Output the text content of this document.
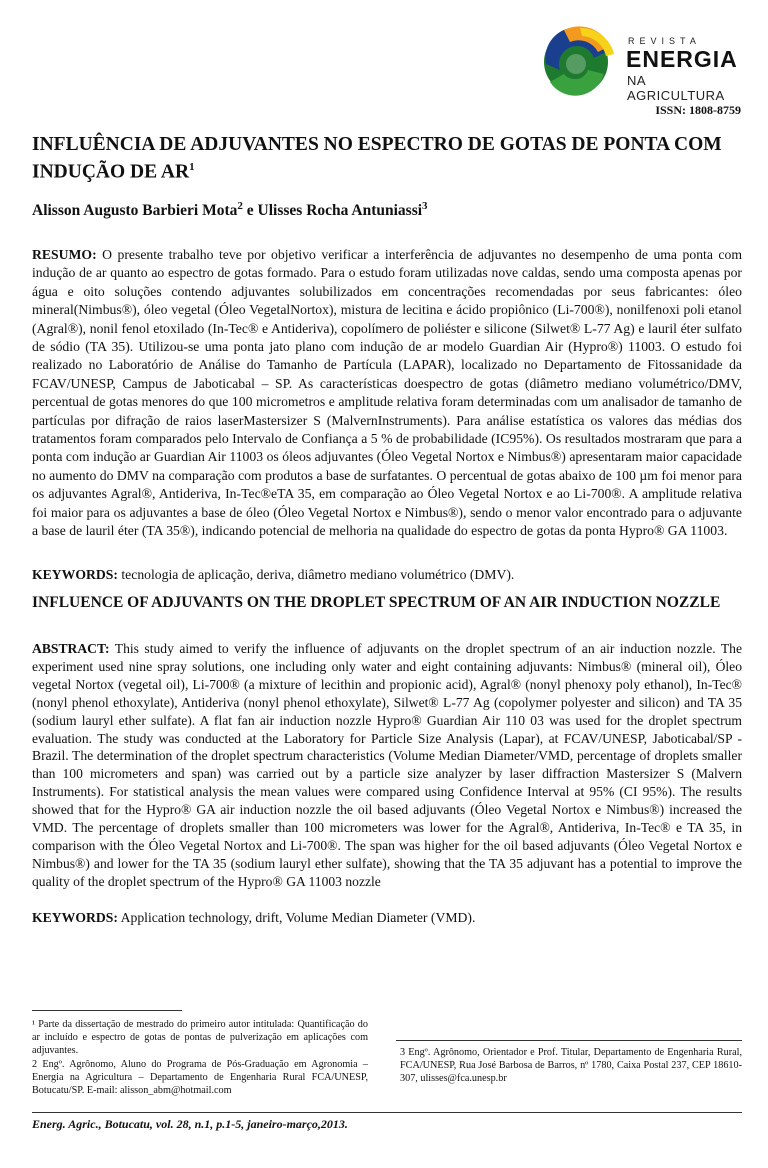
REVISTA
ENERGIA
NA AGRICULTURA
ISSN: 1808-8759
INFLUÊNCIA DE ADJUVANTES NO ESPECTRO DE GOTAS DE PONTA COM INDUÇÃO DE $AR^1$

Alisson Augusto Barbieri Mota$^2$ e Ulisses Rocha Antuniassi$^3$

RESUMO: O presente trabalho teve por objetivo verificar a interferência de adjuvantes no desempenho de uma ponta com indução de ar quanto ao espectro de gotas formado. Para o estudo foram utilizadas nove caldas, sendo uma composta apenas por água e oito soluções contendo adjuvantes solubilizados em concentrações recomendadas por seus fabricantes: óleo mineral(Nimbus®), óleo vegetal (Óleo VegetalNortox), mistura de lecitina e ácido propiônico (Li-700®), nonilfenoxi poli etanol (Agral®), nonil fenol etoxilado (In-Tec® e Antideriva), copolímero de poliéster e silicone (Silwet® L-77 Ag) e lauril éter sulfato de sódio (TA 35). Utilizou-se uma ponta jato plano com indução de ar modelo Guardian Air (Hypro®) 11003. O estudo foi realizado no Laboratório de Análise do Tamanho de Partícula (LAPAR), localizado no Departamento de Fitossanidade da FCAV/UNESP, Campus de Jaboticabal – SP. As características doespectro de gotas (diâmetro mediano volumétrico/DMV, percentual de gotas menores do que 100 micrometros e amplitude relativa foram determinadas com um analisador de tamanho de partículas por difração de raios laserMastersizer S (MalvernInstruments). Para análise estatística os valores das médias dos tratamentos foram comparados pelo Intervalo de Confiança a 5 % de probabilidade (IC95%). Os resultados mostraram que para a ponta com indução ar Guardian Air 11003 os óleos adjuvantes (Óleo Vegetal Nortox e Nimbus®) apresentaram maior capacidade no aumento do DMV na comparação com produtos a base de surfatantes. O percentual de gotas abaixo de 100 µm foi menor para os adjuvantes Agral®, Antideriva, In-Tec®eTA 35, em comparação ao Óleo Vegetal Nortox e ao Li-700®. A amplitude relativa foi maior para os adjuvantes a base de óleo (Óleo Vegetal Nortox e Nimbus®), sendo o menor valor encontrado para o adjuvante a base de lauril éter (TA 35®), indicando potencial de melhoria na qualidade do espectro de gotas da ponta Hypro® GA 11003.

KEYWORDS: tecnologia de aplicação, deriva, diâmetro mediano volumétrico (DMV).

INFLUENCE OF ADJUVANTS ON THE DROPLET SPECTRUM OF AN AIR INDUCTION NOZZLE

ABSTRACT: This study aimed to verify the influence of adjuvants on the droplet spectrum of an air induction nozzle. The experiment used nine spray solutions, one including only water and eight containing adjuvants: Nimbus® (mineral oil), Óleo vegetal Nortox (vegetal oil), Li-700® (a mixture of lecithin and propionic acid), Agral® (nonyl phenoxy poly ethanol), In-Tec® (nonyl phenol ethoxylate), Antideriva (nonyl phenol ethoxylate), Silwet® L-77 Ag (copolymer polyester and silicon) and TA 35 (sodium lauryl ether sulfate). A flat fan air induction nozzle Hypro® Guardian Air 110 03 was used for the droplet spectrum evaluation. The study was conducted at the Laboratory for Particle Size Analysis (Lapar), at FCAV/UNESP, Jaboticabal/SP - Brazil. The determination of the droplet spectrum characteristics (Volume Median Diameter/VMD, percentage of droplets smaller than 100 micrometers and span) was carried out by a particle size analyzer by laser diffraction Mastersizer S (Malvern Instruments). For statistical analysis the mean values were compared using Confidence Interval at 95% (CI 95%). The results showed that for the Hypro® GA air induction nozzle the oil based adjuvants (Óleo Vegetal Nortox e Nimbus®) increased the VMD. The percentage of droplets smaller than 100 micrometers was lower for the Agral®, Antideriva, In-Tec® e TA 35, in comparison with the Óleo Vegetal Nortox and Li-700®. The span was higher for the oil based adjuvants (Óleo Vegetal Nortox e Nimbus®) and lower for the TA 35 (sodium lauryl ether sulfate), showing that the TA 35 adjuvant has a potential to improve the quality of the droplet spectrum of the Hypro® GA 11003 nozzle

KEYWORDS: Application technology, drift, Volume Median Diameter (VMD).

¹ Parte da dissertação de mestrado do primeiro autor intitulada: Quantificação do ar incluído e espectro de gotas de pontas de pulverização em aplicações com adjuvantes.

2 Engº. Agrônomo, Aluno do Programa de Pós-Graduação em Agronomia – Energia na Agricultura – Departamento de Engenharia Rural FCA/UNESP, Botucatu/SP. E-mail: alisson_abm@hotmail.com

3 Engº. Agrônomo, Orientador e Prof. Titular, Departamento de Engenharia Rural, FCA/UNESP, Rua José Barbosa de Barros, nº 1780, Caixa Postal 237, CEP 18610-307, ulisses@fca.unesp.br

Energ. Agric., Botucatu, vol. 28, n.1, p.1-5, janeiro-março,2013.
